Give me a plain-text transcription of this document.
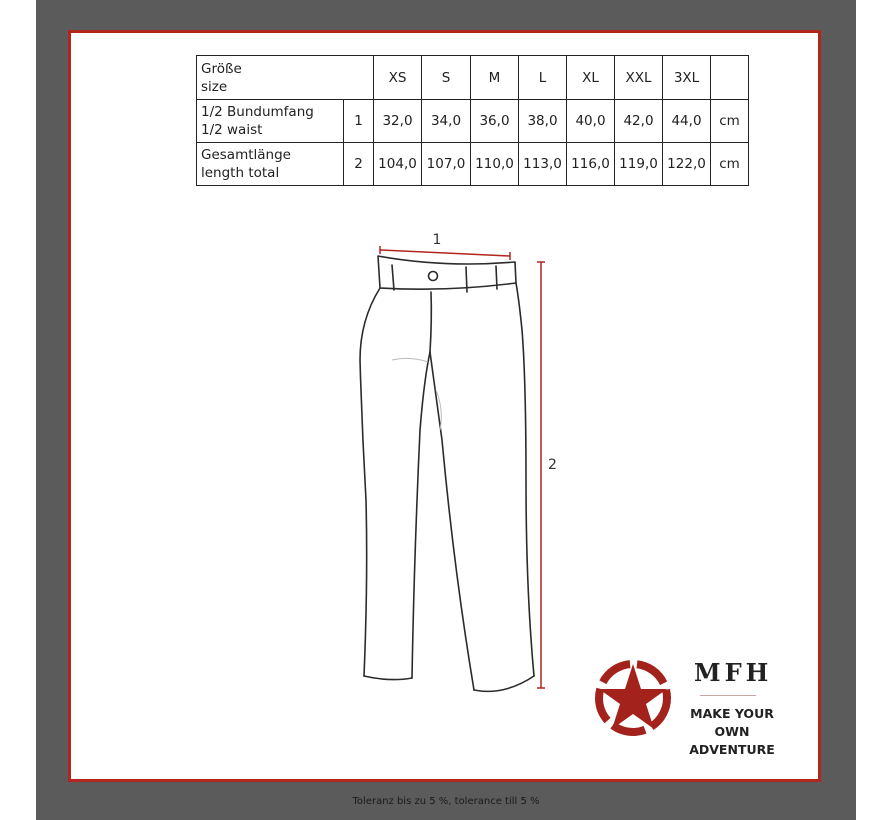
Größe
size		XS	S	M	L	XL	XXL	3XL	
1/2 Bundumfang
1/2 waist	1	32,0	34,0	36,0	38,0	40,0	42,0	44,0	cm
Gesamtlänge
length total	2	104,0	107,0	110,0	113,0	116,0	119,0	122,0	cm
1
2
MFH
MAKE YOUR OWN
ADVENTURE
Toleranz bis zu 5 %, tolerance till 5 %
